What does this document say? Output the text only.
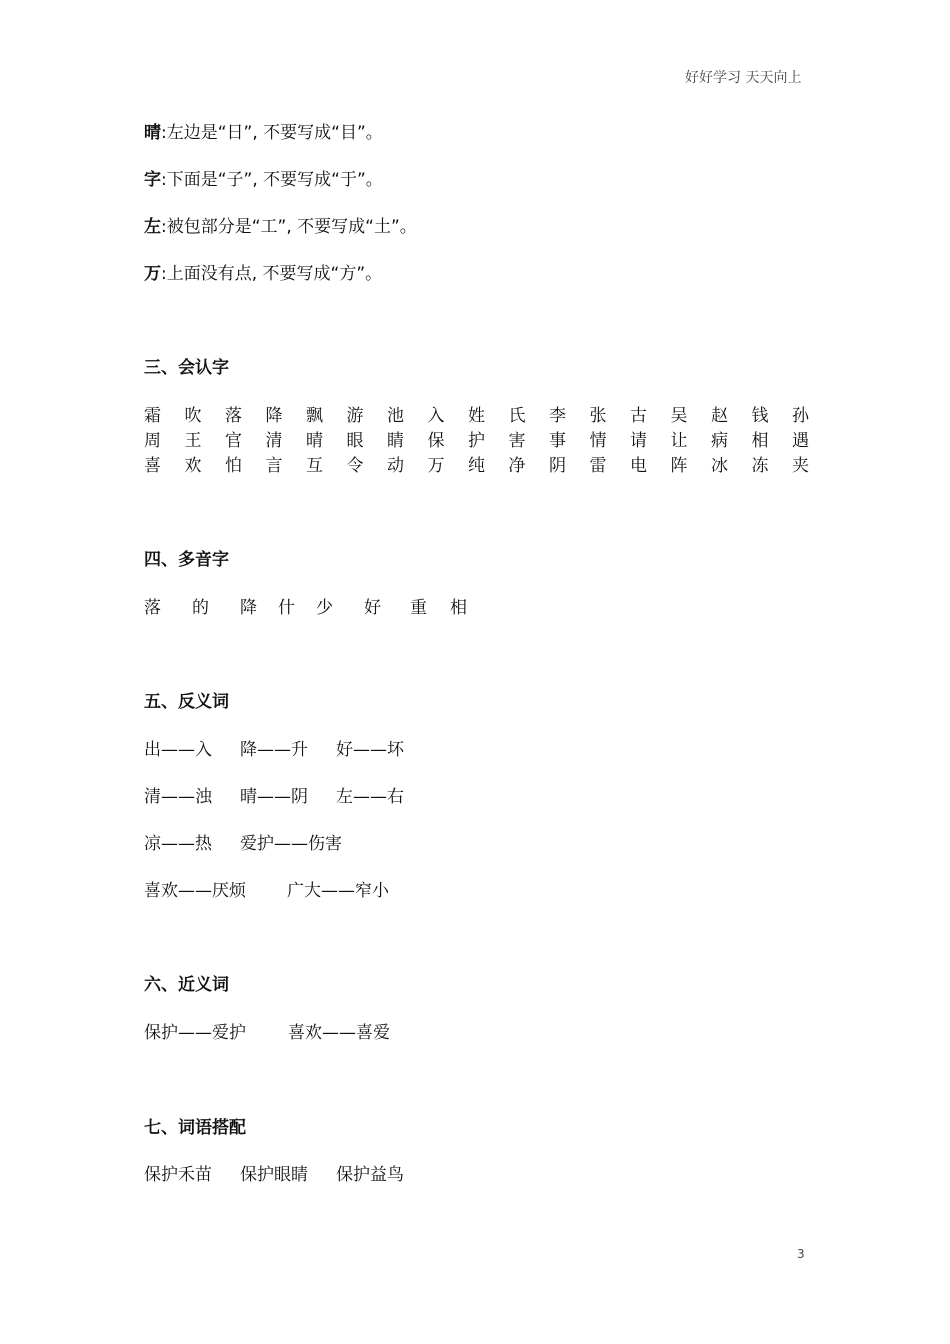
好好学习 天天向上
晴:左边是“日”, 不要写成“目”。
字:下面是“子”, 不要写成“于”。
左:被包部分是“工”, 不要写成“土”。
万:上面没有点, 不要写成“方”。
三、会认字
霜 吹 落 降 飘 游 池 入 姓 氏 李 张 古 吴 赵 钱 孙
周 王 官 清 晴 眼 睛 保 护 害 事 情 请 让 病 相 遇
喜 欢 怕 言 互 令 动 万 纯 净 阴 雷 电 阵 冰 冻 夹
四、多音字
落 的 降 什 少 好 重 相
五、反义词
出——入 降——升 好——坏
清——浊 晴——阴 左——右
凉——热 爱护——伤害
喜欢——厌烦 广大——窄小
六、近义词
保护——爱护 喜欢——喜爱
七、词语搭配
保护禾苗 保护眼睛 保护益鸟
3
